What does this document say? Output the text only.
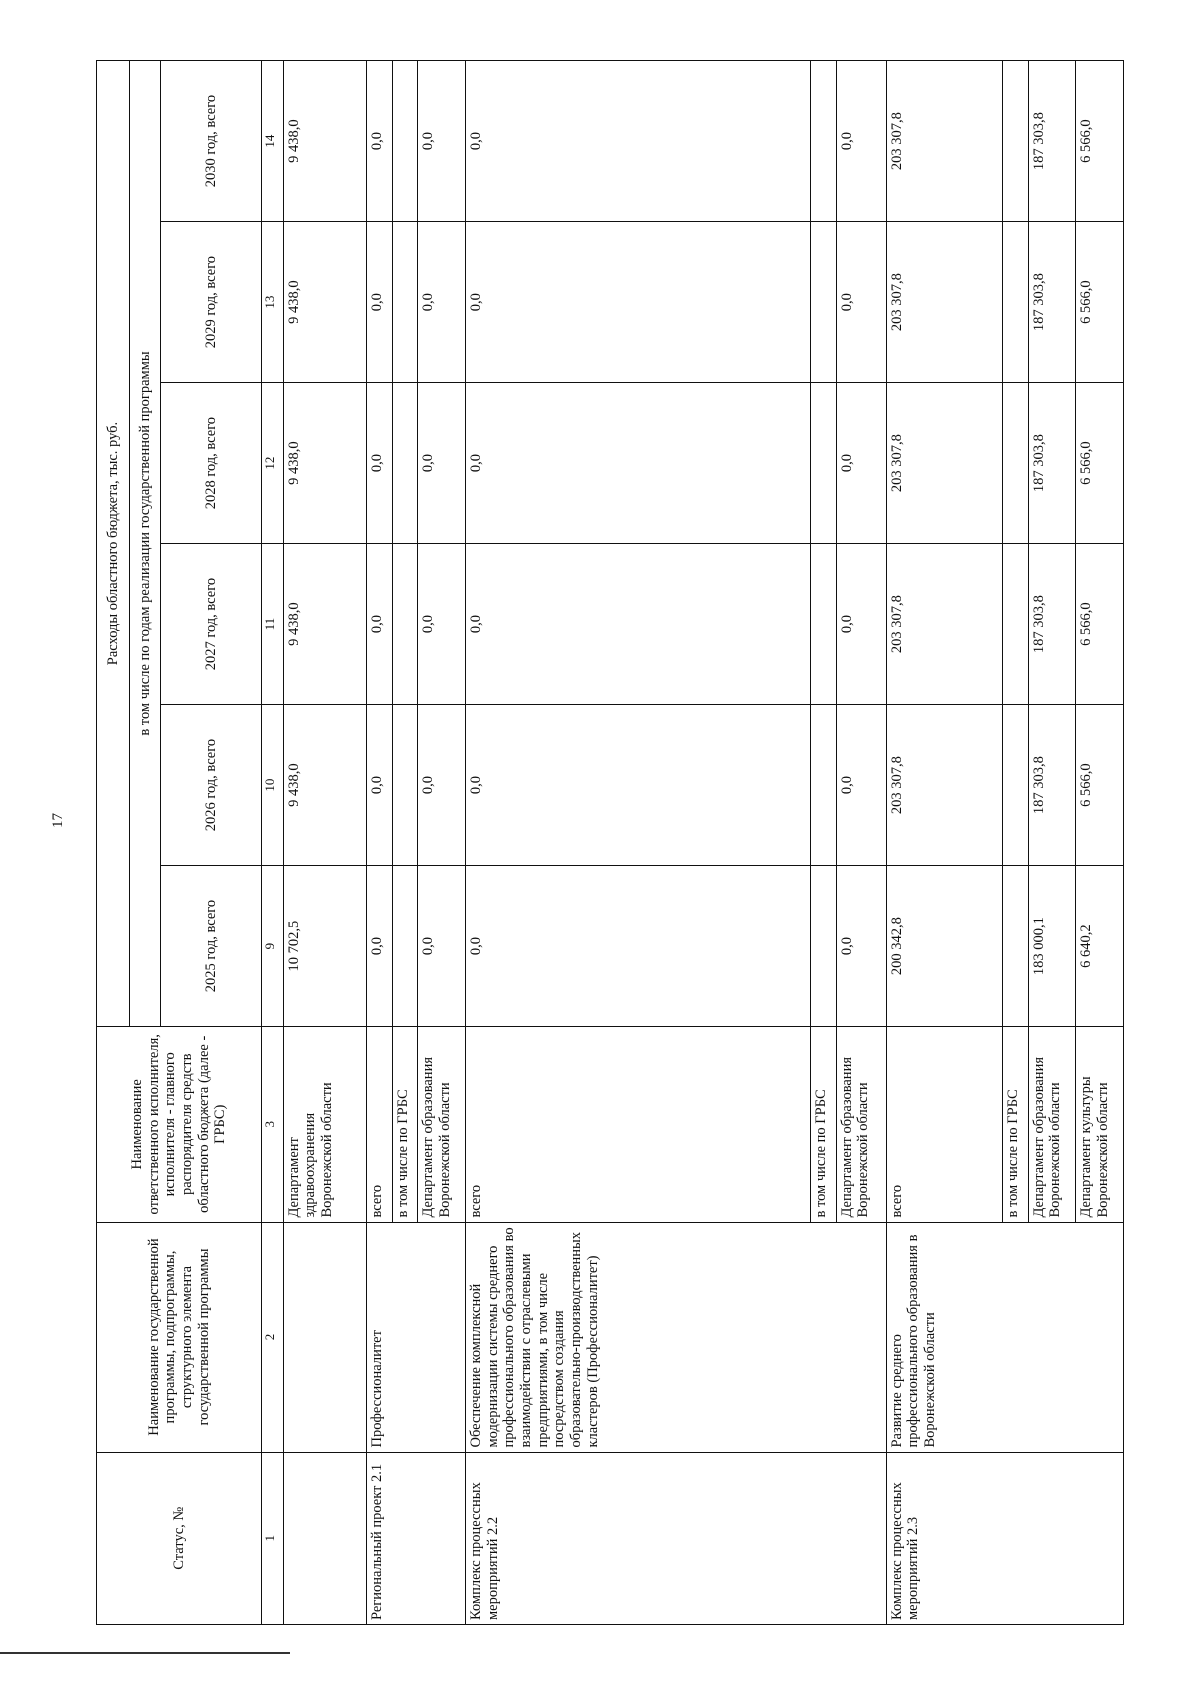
17
Статус, №	Наименование государственной программы, подпрограммы, структурного элемента государственной программы	Наименование ответственного исполнителя, исполнителя - главного распорядителя средств областного бюджета (далее - ГРБС)	Расходы областного бюджета, тыс. руб.					
			в том числе по годам реализации государственной программы					
			2025 год, всего	2026 год, всего	2027 год, всего	2028 год, всего	2029 год, всего	2030 год, всего
1	2	3	9	10	11	12	13	14
		Департамент здравоохранения Воронежской области	10 702,5	9 438,0	9 438,0	9 438,0	9 438,0	9 438,0
Региональный проект 2.1	Профессионалитет	всего	0,0	0,0	0,0	0,0	0,0	0,0
		в том числе по ГРБС						
		Департамент образования Воронежской области	0,0	0,0	0,0	0,0	0,0	0,0
Комплекс процессных мероприятий 2.2	Обеспечение комплексной модернизации системы среднего профессионального образования во взаимодействии с отраслевыми предприятиями, в том числе посредством создания образовательно-производственных кластеров (Профессионалитет)	всего	0,0	0,0	0,0	0,0	0,0	0,0
		в том числе по ГРБС						
		Департамент образования Воронежской области	0,0	0,0	0,0	0,0	0,0	0,0
Комплекс процессных мероприятий 2.3	Развитие среднего профессионального образования в Воронежской области	всего	200 342,8	203 307,8	203 307,8	203 307,8	203 307,8	203 307,8
		в том числе по ГРБС						
		Департамент образования Воронежской области	183 000,1	187 303,8	187 303,8	187 303,8	187 303,8	187 303,8
		Департамент культуры Воронежской области	6 640,2	6 566,0	6 566,0	6 566,0	6 566,0	6 566,0
